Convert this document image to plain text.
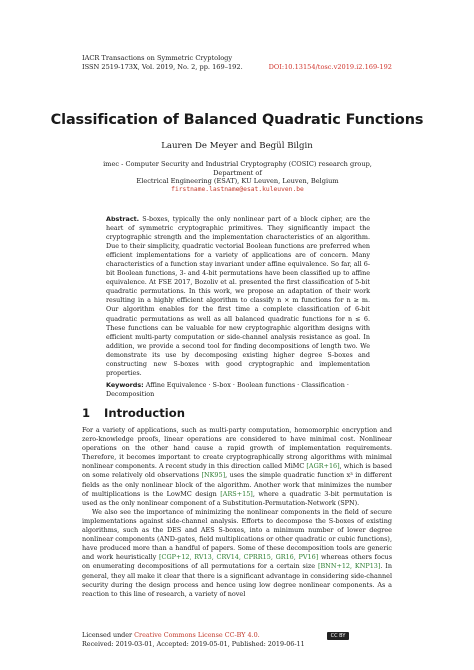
IACR Transactions on Symmetric Cryptology
ISSN 2519-173X, Vol. 2019, No. 2, pp. 169–192.	DOI:10.13154/tosc.v2019.i2.169-192
Classification of Balanced Quadratic Functions
Lauren De Meyer and Begül Bilgin
imec - Computer Security and Industrial Cryptography (COSIC) research group, Department of
Electrical Engineering (ESAT), KU Leuven, Leuven, Belgium
firstname.lastname@esat.kuleuven.be
Abstract. S-boxes, typically the only nonlinear part of a block cipher, are the heart of symmetric cryptographic primitives. They significantly impact the cryptographic strength and the implementation characteristics of an algorithm. Due to their simplicity, quadratic vectorial Boolean functions are preferred when efficient implementations for a variety of applications are of concern. Many characteristics of a function stay invariant under affine equivalence. So far, all 6-bit Boolean functions, 3- and 4-bit permutations have been classified up to affine equivalence. At FSE 2017, Bozoliv et al. presented the first classification of 5-bit quadratic permutations. In this work, we propose an adaptation of their work resulting in a highly efficient algorithm to classify n × m functions for n ≥ m. Our algorithm enables for the first time a complete classification of 6-bit quadratic permutations as well as all balanced quadratic functions for n ≤ 6. These functions can be valuable for new cryptographic algorithm designs with efficient multi-party computation or side-channel analysis resistance as goal. In addition, we provide a second tool for finding decompositions of length two. We demonstrate its use by decomposing existing higher degree S-boxes and constructing new S-boxes with good cryptographic and implementation properties.
Keywords: Affine Equivalence · S-box · Boolean functions · Classification · Decomposition
1 Introduction

For a variety of applications, such as multi-party computation, homomorphic encryption and zero-knowledge proofs, linear operations are considered to have minimal cost. Nonlinear operations on the other hand cause a rapid growth of implementation requirements. Therefore, it becomes important to create cryptographically strong algorithms with minimal nonlinear components. A recent study in this direction called MiMC [AGR+16], which is based on some relatively old observations [NK95], uses the simple quadratic function x³ in different fields as the only nonlinear block of the algorithm. Another work that minimizes the number of multiplications is the LowMC design [ARS+15], where a quadratic 3-bit permutation is used as the only nonlinear component of a Substitution-Permutation-Network (SPN).

We also see the importance of minimizing the nonlinear components in the field of secure implementations against side-channel analysis. Efforts to decompose the S-boxes of existing algorithms, such as the DES and AES S-boxes, into a minimum number of lower degree nonlinear components (AND-gates, field multiplications or other quadratic or cubic functions), have produced more than a handful of papers. Some of these decomposition tools are generic and work heuristically [CGP+12, RV13, CRV14, CPRR15, GR16, PV16] whereas others focus on enumerating decompositions of all permutations for a certain size [BNN+12, KNP13]. In general, they all make it clear that there is a significant advantage in considering side-channel security during the design process and hence using low degree nonlinear components. As a reaction to this line of research, a variety of novel

Licensed under Creative Commons License CC-BY 4.0.	CC BY
Received: 2019-03-01, Accepted: 2019-05-01, Published: 2019-06-11
